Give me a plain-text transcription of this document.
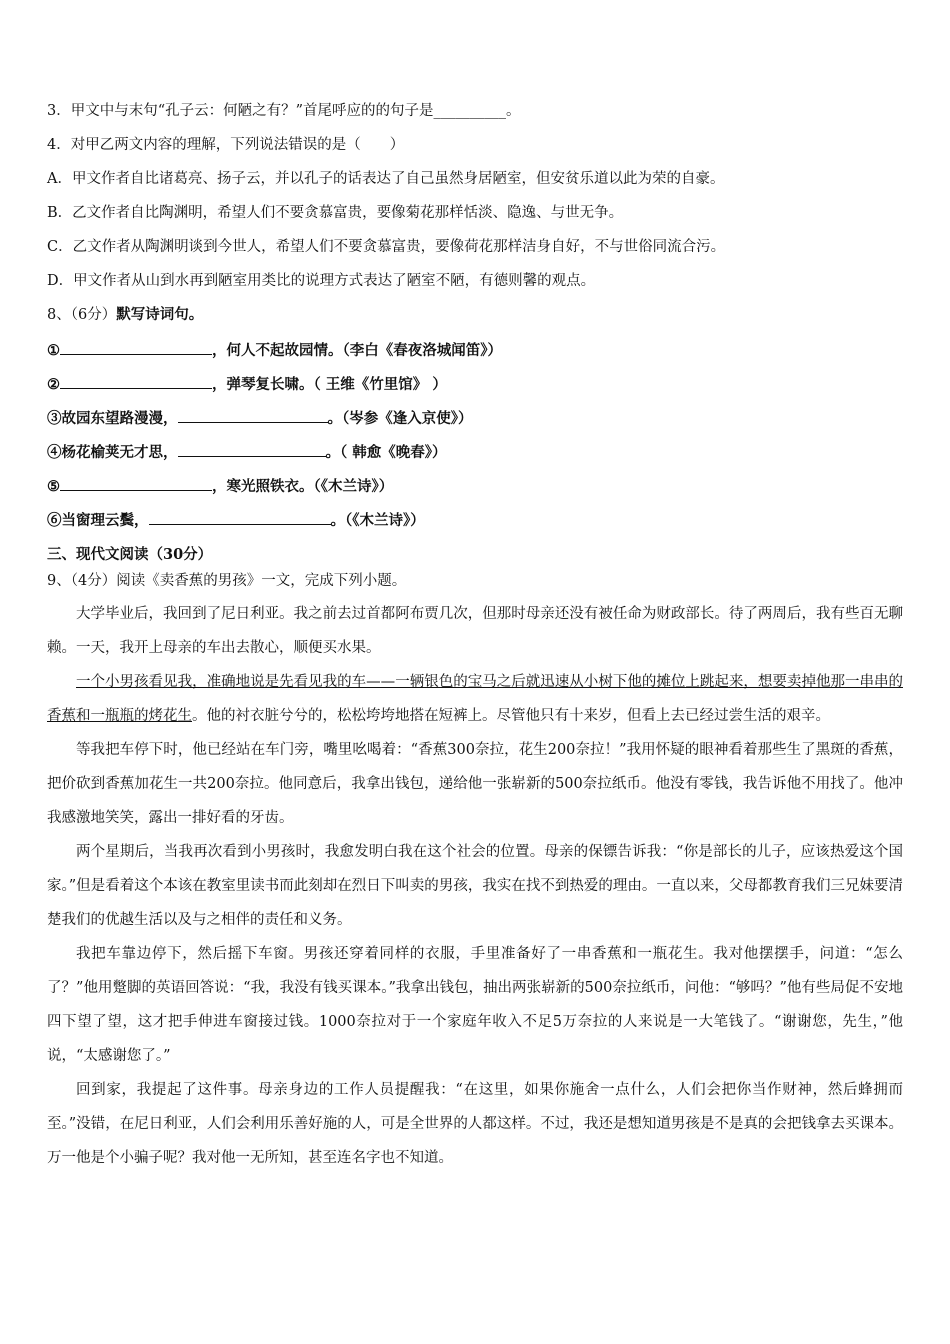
3．甲文中与末句“孔子云：何陋之有？”首尾呼应的的句子是__________。
4．对甲乙两文内容的理解，下列说法错误的是（　　）
A．甲文作者自比诸葛亮、扬子云，并以孔子的话表达了自己虽然身居陋室，但安贫乐道以此为荣的自豪。
B．乙文作者自比陶渊明，希望人们不要贪慕富贵，要像菊花那样恬淡、隐逸、与世无争。
C．乙文作者从陶渊明谈到今世人，希望人们不要贪慕富贵，要像荷花那样洁身自好，不与世俗同流合污。
D．甲文作者从山到水再到陋室用类比的说理方式表达了陋室不陋，有德则馨的观点。
8、（6分）默写诗词句。
①	，何人不起故园情。（李白《春夜洛城闻笛》）
②	，弹琴复长啸。（ 王维《竹里馆》 ）
③故园东望路漫漫，	。（岑参《逢入京使》）
④杨花榆荚无才思，	。（ 韩愈《晚春》）
⑤	，寒光照铁衣。（《木兰诗》）
⑥当窗理云鬓，	。（《木兰诗》）
三、现代文阅读（30分）
9、（4分）阅读《卖香蕉的男孩》一文，完成下列小题。

大学毕业后，我回到了尼日利亚。我之前去过首都阿布贾几次，但那时母亲还没有被任命为财政部长。待了两周后，我有些百无聊赖。一天，我开上母亲的车出去散心，顺便买水果。

一个小男孩看见我，准确地说是先看见我的车——一辆银色的宝马之后就迅速从小树下他的摊位上跳起来，想要卖掉他那一串串的香蕉和一瓶瓶的烤花生。他的衬衣脏兮兮的，松松垮垮地搭在短裤上。尽管他只有十来岁，但看上去已经过尝生活的艰辛。

等我把车停下时，他已经站在车门旁，嘴里吆喝着：“香蕉300奈拉，花生200奈拉！”我用怀疑的眼神看着那些生了黑斑的香蕉，把价砍到香蕉加花生一共200奈拉。他同意后，我拿出钱包，递给他一张崭新的500奈拉纸币。他没有零钱，我告诉他不用找了。他冲我感激地笑笑，露出一排好看的牙齿。

两个星期后，当我再次看到小男孩时，我愈发明白我在这个社会的位置。母亲的保镖告诉我：“你是部长的儿子，应该热爱这个国家。”但是看着这个本该在教室里读书而此刻却在烈日下叫卖的男孩，我实在找不到热爱的理由。一直以来，父母都教育我们三兄妹要清楚我们的优越生活以及与之相伴的责任和义务。

我把车靠边停下，然后摇下车窗。男孩还穿着同样的衣服，手里准备好了一串香蕉和一瓶花生。我对他摆摆手，问道：“怎么了？”他用蹩脚的英语回答说：“我，我没有钱买课本。”我拿出钱包，抽出两张崭新的500奈拉纸币，问他：“够吗？”他有些局促不安地四下望了望，这才把手伸进车窗接过钱。1000奈拉对于一个家庭年收入不足5万奈拉的人来说是一大笔钱了。“谢谢您，先生，”他说，“太感谢您了。”

回到家，我提起了这件事。母亲身边的工作人员提醒我：“在这里，如果你施舍一点什么，人们会把你当作财神，然后蜂拥而至。”没错，在尼日利亚，人们会利用乐善好施的人，可是全世界的人都这样。不过，我还是想知道男孩是不是真的会把钱拿去买课本。万一他是个小骗子呢？我对他一无所知，甚至连名字也不知道。
